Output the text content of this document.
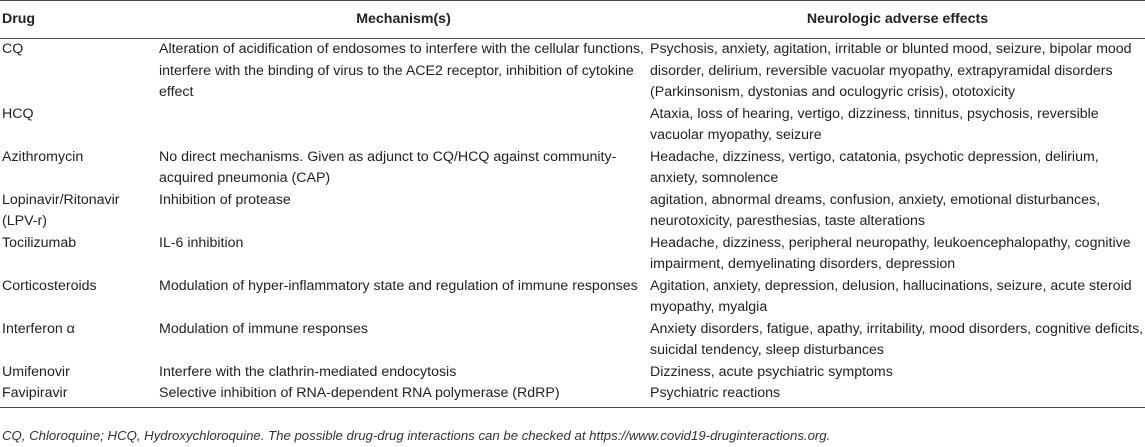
Drug	Mechanism(s)	Neurologic adverse effects
CQ	Alteration of acidification of endosomes to interfere with the cellular functions, interfere with the binding of virus to the ACE2 receptor, inhibition of cytokine effect	Psychosis, anxiety, agitation, irritable or blunted mood, seizure, bipolar mood disorder, delirium, reversible vacuolar myopathy, extrapyramidal disorders (Parkinsonism, dystonias and oculogyric crisis), ototoxicity
HCQ		Ataxia, loss of hearing, vertigo, dizziness, tinnitus, psychosis, reversible vacuolar myopathy, seizure
Azithromycin	No direct mechanisms. Given as adjunct to CQ/HCQ against community-acquired pneumonia (CAP)	Headache, dizziness, vertigo, catatonia, psychotic depression, delirium, anxiety, somnolence
Lopinavir/Ritonavir (LPV-r)	Inhibition of protease	agitation, abnormal dreams, confusion, anxiety, emotional disturbances, neurotoxicity, paresthesias, taste alterations
Tocilizumab	IL-6 inhibition	Headache, dizziness, peripheral neuropathy, leukoencephalopathy, cognitive impairment, demyelinating disorders, depression
Corticosteroids	Modulation of hyper-inflammatory state and regulation of immune responses	Agitation, anxiety, depression, delusion, hallucinations, seizure, acute steroid myopathy, myalgia
Interferon α	Modulation of immune responses	Anxiety disorders, fatigue, apathy, irritability, mood disorders, cognitive deficits, suicidal tendency, sleep disturbances
Umifenovir	Interfere with the clathrin-mediated endocytosis	Dizziness, acute psychiatric symptoms
Favipiravir	Selective inhibition of RNA-dependent RNA polymerase (RdRP)	Psychiatric reactions
CQ, Chloroquine; HCQ, Hydroxychloroquine. The possible drug-drug interactions can be checked at https://www.covid19-druginteractions.org.
